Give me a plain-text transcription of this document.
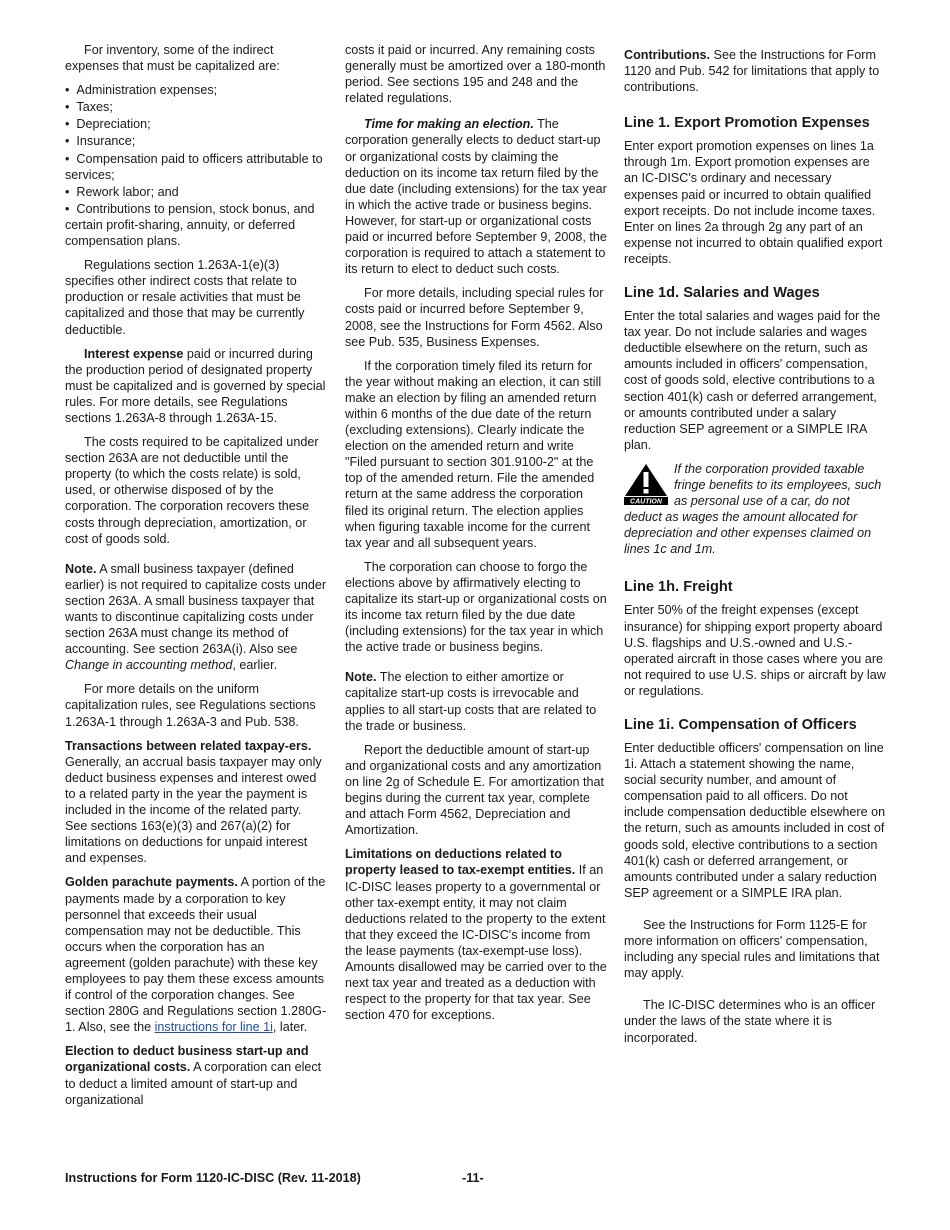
For inventory, some of the indirect expenses that must be capitalized are:

•  Administration expenses;
•  Taxes;
•  Depreciation;
•  Insurance;
•  Compensation paid to officers attributable to services;
•  Rework labor; and
•  Contributions to pension, stock bonus, and certain profit-sharing, annuity, or deferred compensation plans.

Regulations section 1.263A-1(e)(3) specifies other indirect costs that relate to production or resale activities that must be capitalized and those that may be currently deductible.

Interest expense paid or incurred during the production period of designated property must be capitalized and is governed by special rules. For more details, see Regulations sections 1.263A-8 through 1.263A-15.

The costs required to be capitalized under section 263A are not deductible until the property (to which the costs relate) is sold, used, or otherwise disposed of by the corporation. The corporation recovers these costs through depreciation, amortization, or cost of goods sold.

Note. A small business taxpayer (defined earlier) is not required to capitalize costs under section 263A. A small business taxpayer that wants to discontinue capitalizing costs under section 263A must change its method of accounting. See section 263A(i). Also see Change in accounting method, earlier.

For more details on the uniform capitalization rules, see Regulations sections 1.263A-1 through 1.263A-3 and Pub. 538.

Transactions between related taxpay-ers. Generally, an accrual basis taxpayer may only deduct business expenses and interest owed to a related party in the year the payment is included in the income of the related party. See sections 163(e)(3) and 267(a)(2) for limitations on deductions for unpaid interest and expenses.

Golden parachute payments. A portion of the payments made by a corporation to key personnel that exceeds their usual compensation may not be deductible. This occurs when the corporation has an agreement (golden parachute) with these key employees to pay them these excess amounts if control of the corporation changes. See section 280G and Regulations section 1.280G-1. Also, see the instructions for line 1i, later.

Election to deduct business start-up and organizational costs. A corporation can elect to deduct a limited amount of start-up and organizational

costs it paid or incurred. Any remaining costs generally must be amortized over a 180-month period. See sections 195 and 248 and the related regulations.

Time for making an election. The corporation generally elects to deduct start-up or organizational costs by claiming the deduction on its income tax return filed by the due date (including extensions) for the tax year in which the active trade or business begins. However, for start-up or organizational costs paid or incurred before September 9, 2008, the corporation is required to attach a statement to its return to elect to deduct such costs.

For more details, including special rules for costs paid or incurred before September 9, 2008, see the Instructions for Form 4562. Also see Pub. 535, Business Expenses.

If the corporation timely filed its return for the year without making an election, it can still make an election by filing an amended return within 6 months of the due date of the return (excluding extensions). Clearly indicate the election on the amended return and write "Filed pursuant to section 301.9100-2" at the top of the amended return. File the amended return at the same address the corporation filed its original return. The election applies when figuring taxable income for the current tax year and all subsequent years.

The corporation can choose to forgo the elections above by affirmatively electing to capitalize its start-up or organizational costs on its income tax return filed by the due date (including extensions) for the tax year in which the active trade or business begins.

Note. The election to either amortize or capitalize start-up costs is irrevocable and applies to all start-up costs that are related to the trade or business.

Report the deductible amount of start-up and organizational costs and any amortization on line 2g of Schedule E. For amortization that begins during the current tax year, complete and attach Form 4562, Depreciation and Amortization.

Limitations on deductions related to property leased to tax-exempt entities. If an IC-DISC leases property to a governmental or other tax-exempt entity, it may not claim deductions related to the property to the extent that they exceed the IC-DISC's income from the lease payments (tax-exempt-use loss). Amounts disallowed may be carried over to the next tax year and treated as a deduction with respect to the property for that tax year. See section 470 for exceptions.

Contributions. See the Instructions for Form 1120 and Pub. 542 for limitations that apply to contributions.

Line 1. Export Promotion Expenses

Enter export promotion expenses on lines 1a through 1m. Export promotion expenses are an IC-DISC's ordinary and necessary expenses paid or incurred to obtain qualified export receipts. Do not include income taxes. Enter on lines 2a through 2g any part of an expense not incurred to obtain qualified export receipts.

Line 1d. Salaries and Wages

Enter the total salaries and wages paid for the tax year. Do not include salaries and wages deductible elsewhere on the return, such as amounts included in officers' compensation, cost of goods sold, elective contributions to a section 401(k) cash or deferred arrangement, or amounts contributed under a salary reduction SEP agreement or a SIMPLE IRA plan.

CAUTION
If the corporation provided taxable fringe benefits to its employees, such as personal use of a car, do not deduct as wages the amount allocated for depreciation and other expenses claimed on lines 1c and 1m.
Line 1h. Freight

Enter 50% of the freight expenses (except insurance) for shipping export property aboard U.S. flagships and U.S.-owned and U.S.-operated aircraft in those cases where you are not required to use U.S. ships or aircraft by law or regulations.

Line 1i. Compensation of Officers

Enter deductible officers' compensation on line 1i. Attach a statement showing the name, social security number, and amount of compensation paid to all officers. Do not include compensation deductible elsewhere on the return, such as amounts included in cost of goods sold, elective contributions to a section 401(k) cash or deferred arrangement, or amounts contributed under a salary reduction SEP agreement or a SIMPLE IRA plan.

See the Instructions for Form 1125-E for more information on officers' compensation, including any special rules and limitations that may apply.

The IC-DISC determines who is an officer under the laws of the state where it is incorporated.

Instructions for Form 1120-IC-DISC (Rev. 11-2018)	-11-
